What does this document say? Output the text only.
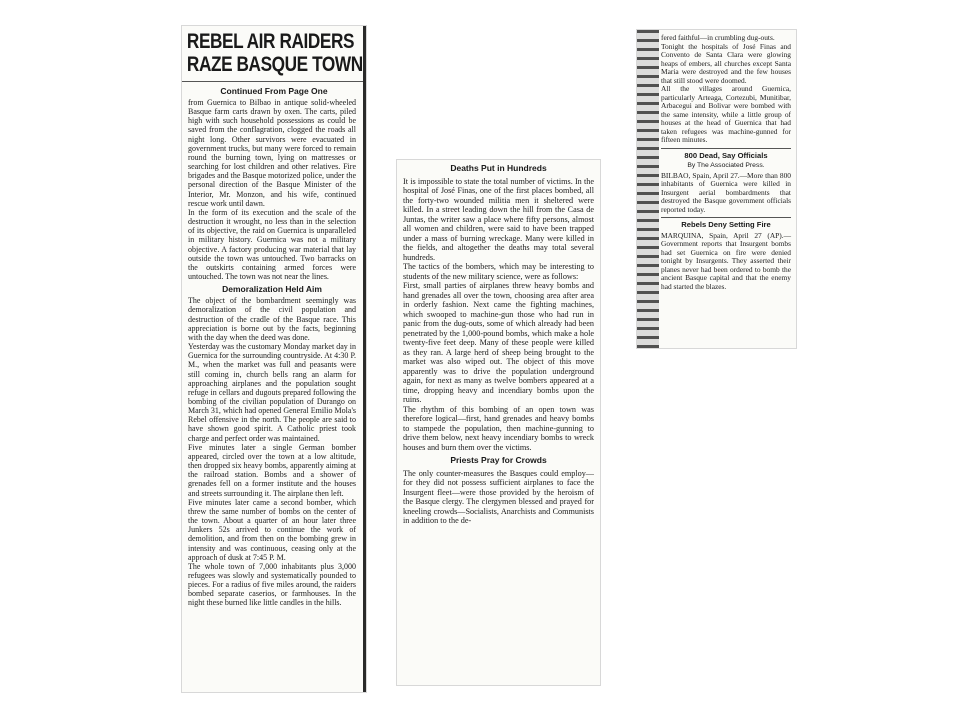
REBEL AIR RAIDERS
RAZE BASQUE TOWN
Continued From Page One

from Guernica to Bilbao in antique solid-wheeled Basque farm carts drawn by oxen. The carts, piled high with such household possessions as could be saved from the conflagration, clogged the roads all night long. Other survivors were evacuated in government trucks, but many were forced to remain round the burning town, lying on mattresses or searching for lost children and other relatives. Fire brigades and the Basque motorized police, under the personal direction of the Basque Minister of the Interior, Mr. Monzon, and his wife, continued rescue work until dawn.

In the form of its execution and the scale of the destruction it wrought, no less than in the selection of its objective, the raid on Guernica is unparalleled in military history. Guernica was not a military objective. A factory producing war material that lay outside the town was untouched. Two barracks on the outskirts containing armed forces were untouched. The town was not near the lines.

Demoralization Held Aim

The object of the bombardment seemingly was demoralization of the civil population and destruction of the cradle of the Basque race. This appreciation is borne out by the facts, beginning with the day when the deed was done.

Yesterday was the customary Monday market day in Guernica for the surrounding countryside. At 4:30 P. M., when the market was full and peasants were still coming in, church bells rang an alarm for approaching airplanes and the population sought refuge in cellars and dugouts prepared following the bombing of the civilian population of Durango on March 31, which had opened General Emilio Mola's Rebel offensive in the north. The people are said to have shown good spirit. A Catholic priest took charge and perfect order was maintained.

Five minutes later a single German bomber appeared, circled over the town at a low altitude, then dropped six heavy bombs, apparently aiming at the railroad station. Bombs and a shower of grenades fell on a former institute and the houses and streets surrounding it. The airplane then left.

Five minutes later came a second bomber, which threw the same number of bombs on the center of the town. About a quarter of an hour later three Junkers 52s arrived to continue the work of demolition, and from then on the bombing grew in intensity and was continuous, ceasing only at the approach of dusk at 7:45 P. M.

The whole town of 7,000 inhabitants plus 3,000 refugees was slowly and systematically pounded to pieces. For a radius of five miles around, the raiders bombed separate caserios, or farmhouses. In the night these burned like little candles in the hills.

Deaths Put in Hundreds

It is impossible to state the total number of victims. In the hospital of José Finas, one of the first places bombed, all the forty-two wounded militia men it sheltered were killed. In a street leading down the hill from the Casa de Juntas, the writer saw a place where fifty persons, almost all women and children, were said to have been trapped under a mass of burning wreckage. Many were killed in the fields, and altogether the deaths may total several hundreds.

The tactics of the bombers, which may be interesting to students of the new military science, were as follows:

First, small parties of airplanes threw heavy bombs and hand grenades all over the town, choosing area after area in orderly fashion. Next came the fighting machines, which swooped to machine-gun those who had run in panic from the dug-outs, some of which already had been penetrated by the 1,000-pound bombs, which make a hole twenty-five feet deep. Many of these people were killed as they ran. A large herd of sheep being brought to the market was also wiped out. The object of this move apparently was to drive the population underground again, for next as many as twelve bombers appeared at a time, dropping heavy and incendiary bombs upon the ruins.

The rhythm of this bombing of an open town was therefore logical—first, hand grenades and heavy bombs to stampede the population, then machine-gunning to drive them below, next heavy incendiary bombs to wreck houses and burn them over the victims.

Priests Pray for Crowds

The only counter-measures the Basques could employ—for they did not possess sufficient airplanes to face the Insurgent fleet—were those provided by the heroism of the Basque clergy. The clergymen blessed and prayed for kneeling crowds—Socialists, Anarchists and Communists in addition to the de-

fered faithful—in crumbling dug-outs.

Tonight the hospitals of José Finas and Convento de Santa Clara were glowing heaps of embers, all churches except Santa Maria were destroyed and the few houses that still stood were doomed.

All the villages around Guernica, particularly Arteaga, Cortezubi, Munitibar, Arbacegui and Bolivar were bombed with the same intensity, while a little group of houses at the head of Guernica that had taken refugees was machine-gunned for fifteen minutes.

800 Dead, Say Officials
By The Associated Press.

BILBAO, Spain, April 27.—More than 800 inhabitants of Guernica were killed in Insurgent aerial bombardments that destroyed the Basque government officials reported today.

Rebels Deny Setting Fire

MARQUINA, Spain, April 27 (AP).—Government reports that Insurgent bombs had set Guernica on fire were denied tonight by Insurgents. They asserted their planes never had been ordered to bomb the ancient Basque capital and that the enemy had started the blazes.
